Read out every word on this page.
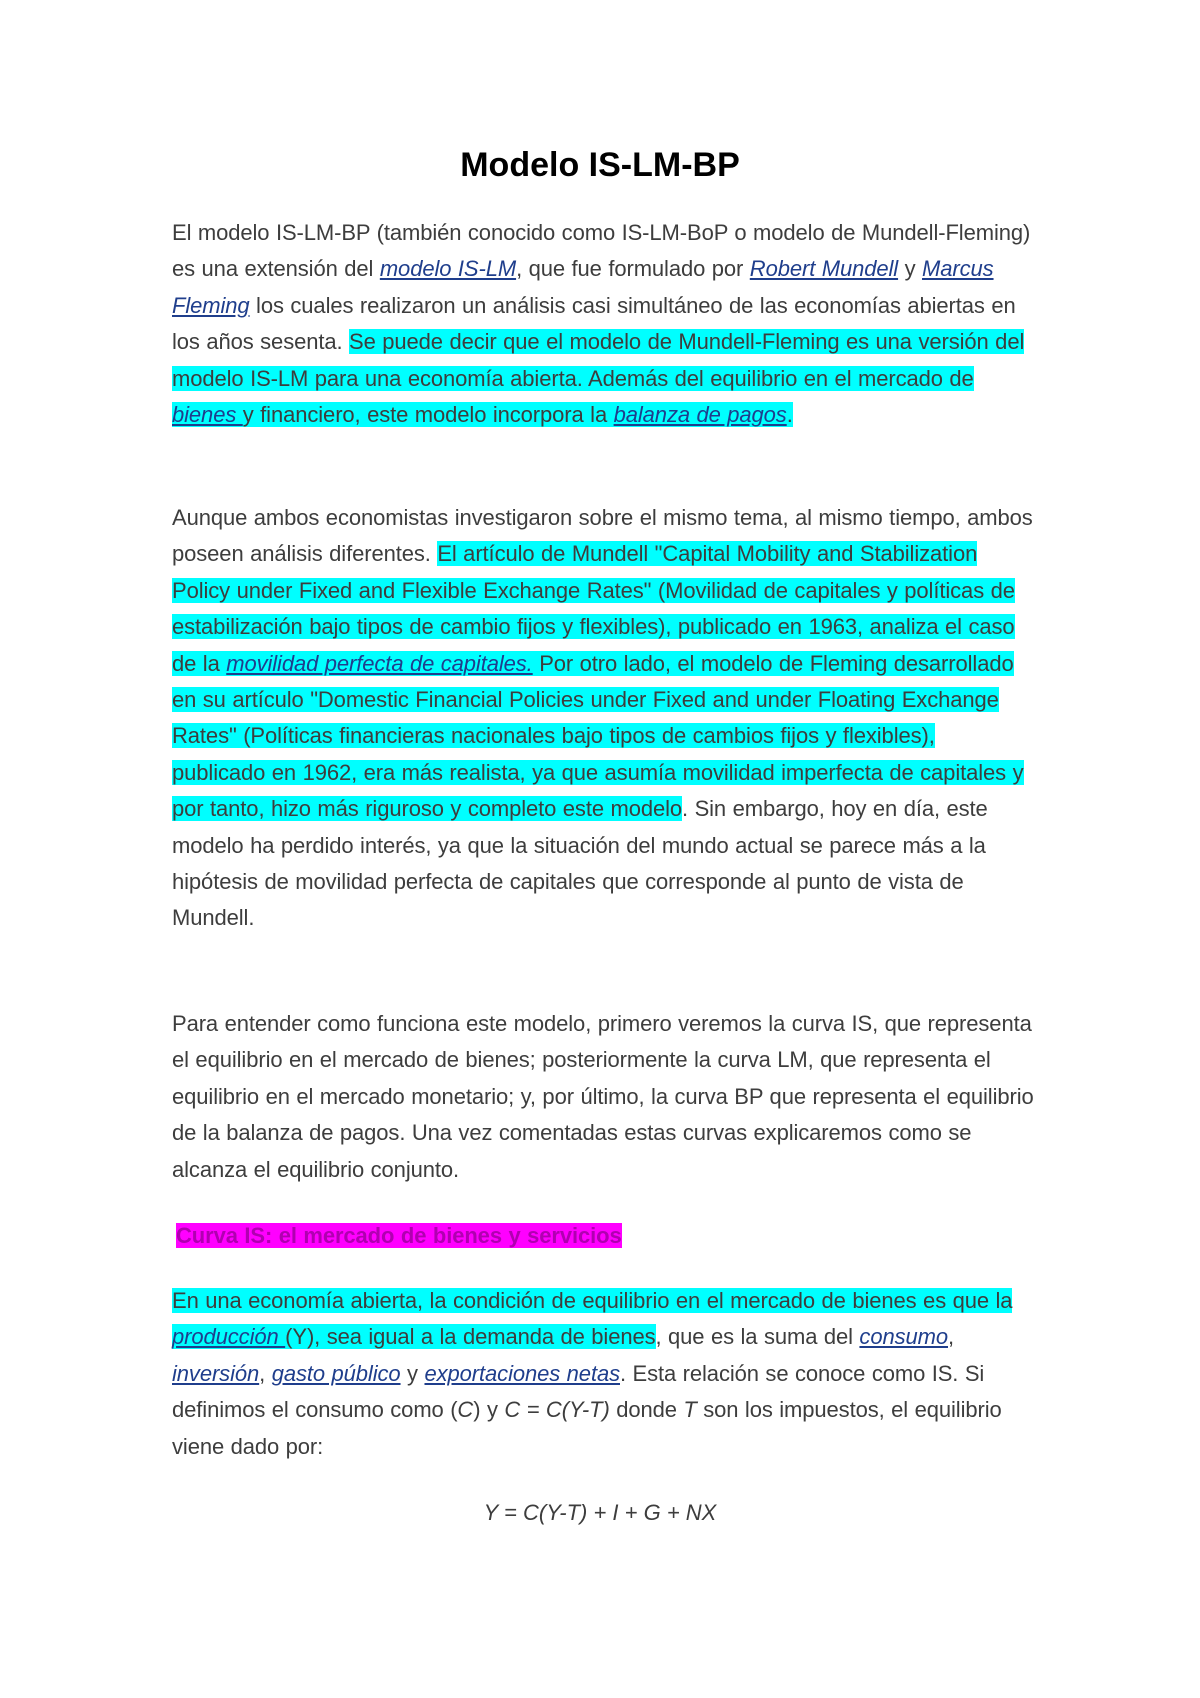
Modelo IS-LM-BP

El modelo IS-LM-BP (también conocido como IS-LM-BoP o modelo de Mundell-Fleming) es una extensión del modelo IS-LM, que fue formulado por Robert Mundell y Marcus Fleming los cuales realizaron un análisis casi simultáneo de las economías abiertas en los años sesenta. Se puede decir que el modelo de Mundell-Fleming es una versión del modelo IS-LM para una economía abierta. Además del equilibrio en el mercado de bienes y financiero, este modelo incorpora la balanza de pagos.

Aunque ambos economistas investigaron sobre el mismo tema, al mismo tiempo, ambos poseen análisis diferentes. El artículo de Mundell "Capital Mobility and Stabilization Policy under Fixed and Flexible Exchange Rates" (Movilidad de capitales y políticas de estabilización bajo tipos de cambio fijos y flexibles), publicado en 1963, analiza el caso de la movilidad perfecta de capitales. Por otro lado, el modelo de Fleming desarrollado en su artículo "Domestic Financial Policies under Fixed and under Floating Exchange Rates" (Políticas financieras nacionales bajo tipos de cambios fijos y flexibles), publicado en 1962, era más realista, ya que asumía movilidad imperfecta de capitales y por tanto, hizo más riguroso y completo este modelo. Sin embargo, hoy en día, este modelo ha perdido interés, ya que la situación del mundo actual se parece más a la hipótesis de movilidad perfecta de capitales que corresponde al punto de vista de Mundell.

Para entender como funciona este modelo, primero veremos la curva IS, que representa el equilibrio en el mercado de bienes; posteriormente la curva LM, que representa el equilibrio en el mercado monetario; y, por último, la curva BP que representa el equilibrio de la balanza de pagos. Una vez comentadas estas curvas explicaremos como se alcanza el equilibrio conjunto.

Curva IS: el mercado de bienes y servicios

En una economía abierta, la condición de equilibrio en el mercado de bienes es que la producción (Y), sea igual a la demanda de bienes, que es la suma del consumo, inversión, gasto público y exportaciones netas. Esta relación se conoce como IS. Si definimos el consumo como (C) y C = C(Y-T) donde T son los impuestos, el equilibrio viene dado por:

Y = C(Y-T) + I + G + NX
